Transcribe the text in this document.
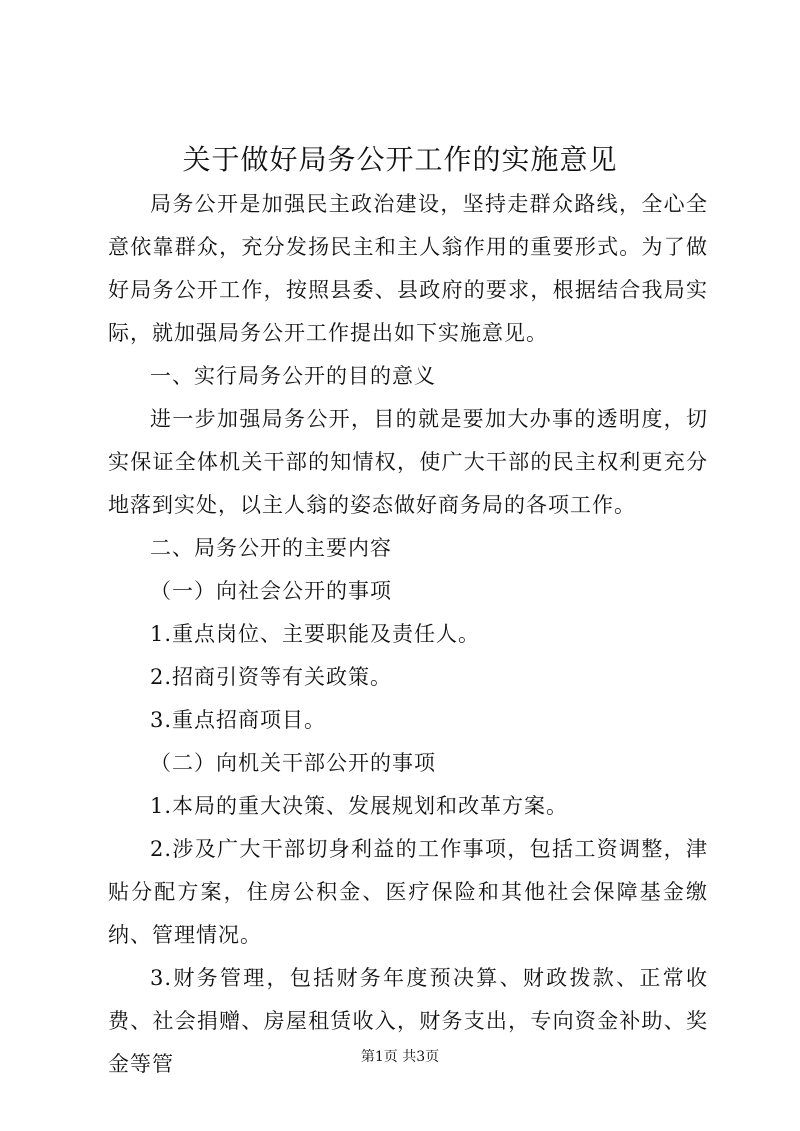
关于做好局务公开工作的实施意见

局务公开是加强民主政治建设，坚持走群众路线，全心全意依靠群众，充分发扬民主和主人翁作用的重要形式。为了做好局务公开工作，按照县委、县政府的要求，根据结合我局实际，就加强局务公开工作提出如下实施意见。

一、实行局务公开的目的意义

进一步加强局务公开，目的就是要加大办事的透明度，切实保证全体机关干部的知情权，使广大干部的民主权利更充分地落到实处，以主人翁的姿态做好商务局的各项工作。

二、局务公开的主要内容

（一）向社会公开的事项

1.重点岗位、主要职能及责任人。

2.招商引资等有关政策。

3.重点招商项目。

（二）向机关干部公开的事项

1.本局的重大决策、发展规划和改革方案。

2.涉及广大干部切身利益的工作事项，包括工资调整，津贴分配方案，住房公积金、医疗保险和其他社会保障基金缴纳、管理情况。

3.财务管理，包括财务年度预决算、财政拨款、正常收费、社会捐赠、房屋租赁收入，财务支出，专向资金补助、奖金等管	第1页 共3页
